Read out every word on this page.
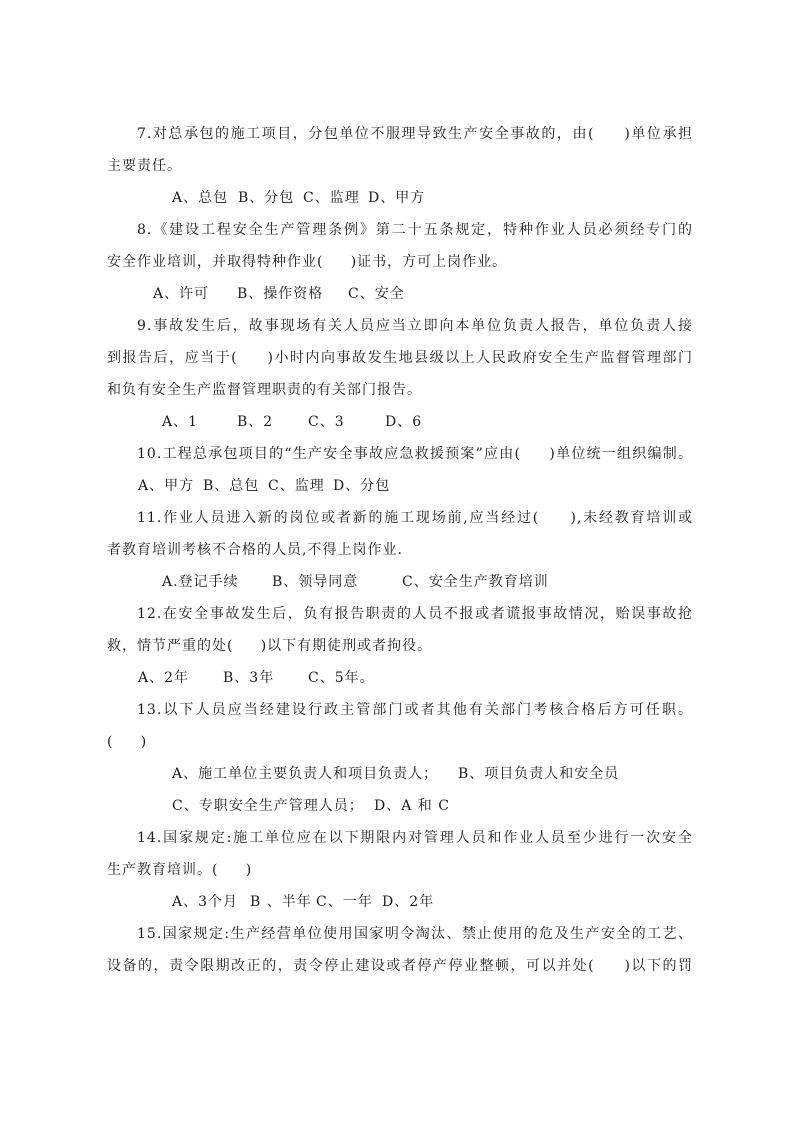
7.对总承包的施工项目，分包单位不服理导致生产安全事故的，由(     )单位承担
主要责任。
A、总包 B、分包 C、监理 D、甲方
8.《建设工程安全生产管理条例》第二十五条规定，特种作业人员必须经专门的
安全作业培训，并取得特种作业(     )证书，方可上岗作业。
A、许可 B、操作资格 C、安全
9.事故发生后，故事现场有关人员应当立即向本单位负责人报告，单位负责人接
到报告后，应当于(     )小时内向事故发生地县级以上人民政府安全生产监督管理部门
和负有安全生产监督管理职责的有关部门报告。
A、1	B、2 C、3	D、6
10.工程总承包项目的“生产安全事故应急救援预案”应由(     )单位统一组织编制。
A、甲方 B、总包 C、监理 D、分包
11.作业人员进入新的岗位或者新的施工现场前,应当经过(     ),未经教育培训或
者教育培训考核不合格的人员,不得上岗作业.
A.登记手续 B、领导同意	C、安全生产教育培训
12.在安全事故发生后，负有报告职责的人员不报或者谎报事故情况，贻误事故抢
救，情节严重的处(     )以下有期徒刑或者拘役。
A、2年 B、3年 C、5年。
13.以下人员应当经建设行政主管部门或者其他有关部门考核合格后方可任职。
(     )
A、施工单位主要负责人和项目负责人； B、项目负责人和安全员
C、专职安全生产管理人员； D、A 和 C
14.国家规定:施工单位应在以下期限内对管理人员和作业人员至少进行一次安全
生产教育培训。(     )
A、3个月 B 、半年 C、一年 D、2年
15.国家规定:生产经营单位使用国家明令淘汰、禁止使用的危及生产安全的工艺、
设备的，责令限期改正的，责令停止建设或者停产停业整顿，可以并处(     )以下的罚
